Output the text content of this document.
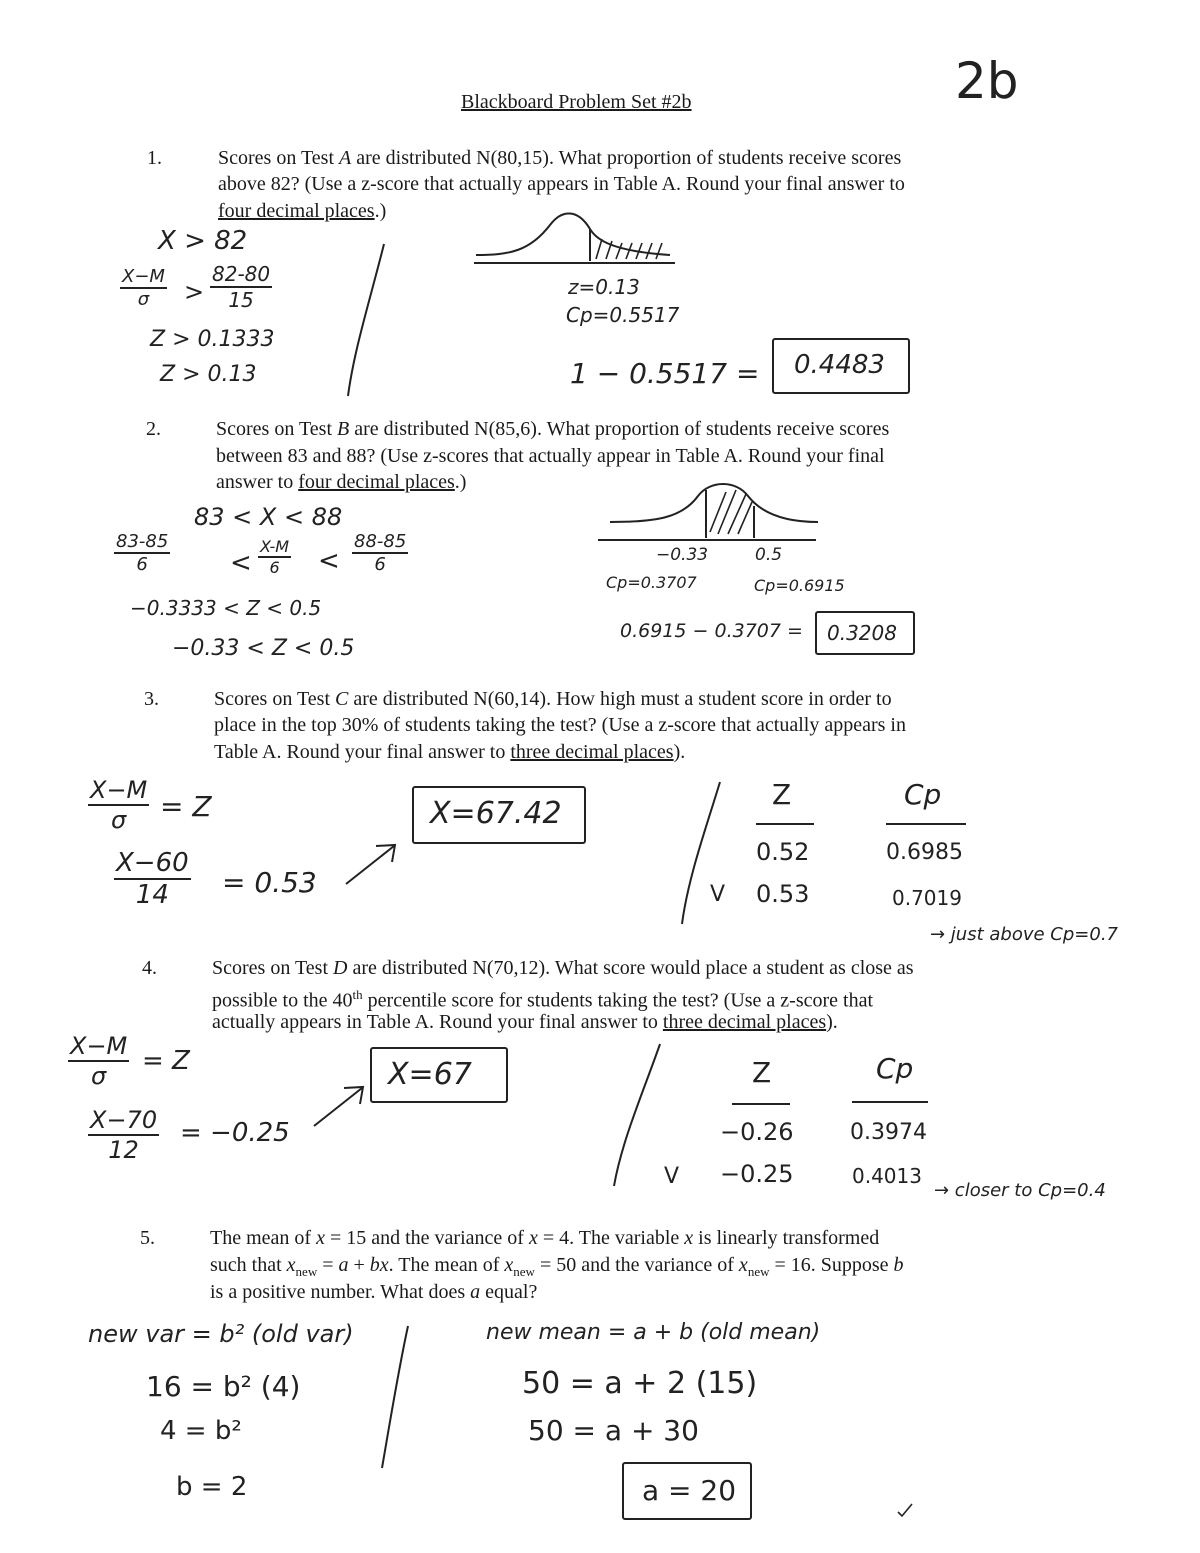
2b
Blackboard Problem Set #2b
1.	Scores on Test A are distributed N(80,15). What proportion of students receive scores
above 82? (Use a z-score that actually appears in Table A. Round your final answer to
four decimal places.)
X > 82
$\frac{X-M}{\sigma} > \frac{82-80}{15}$
Z > 0.1333
Z > 0.13
z=0.13
Cp=0.5517
1 − 0.5517 = 0.4483
2.	Scores on Test B are distributed N(85,6). What proportion of students receive scores
between 83 and 88? (Use z-scores that actually appear in Table A. Round your final
answer to four decimal places.)
83 < X < 88
$\frac{83-85}{6} < \frac{X-M}{6} < \frac{88-85}{6}$
−0.3333 < Z < 0.5
−0.33 < Z < 0.5
−0.33	0.5
Cp=0.3707	Cp=0.6915
0.6915 − 0.3707 = 0.3208
3.	Scores on Test C are distributed N(60,14). How high must a student score in order to
place in the top 30% of students taking the test? (Use a z-score that actually appears in
Table A. Round your final answer to three decimal places).
$\frac{X-M}{\sigma} = Z$
$\frac{X-60}{14} = 0.53$
X=67.42
Z	Cp
0.52	0.6985
V 0.53	0.7019
→ just above Cp=0.7
4.	Scores on Test D are distributed N(70,12). What score would place a student as close as
possible to the 40th percentile score for students taking the test? (Use a z-score that
actually appears in Table A. Round your final answer to three decimal places).
$\frac{X-M}{\sigma} = Z$
$\frac{X-70}{12} = -0.25$
X=67	Z	Cp
−0.26	0.3974
V −0.25	0.4013
→ closer to Cp=0.4
5.	The mean of x = 15 and the variance of x = 4. The variable x is linearly transformed
such that $x_{new} = a$ + bx. The mean of $x_{new} = 50$ and the variance of $x_{new} = 16$. Suppose b
is a positive number. What does a equal?
new var = b² (old var)
16 = b² (4)
4 = b²
b = 2
new mean = a + b (old mean)
50 = a + 2 (15)
50 = a + 30
a = 20
